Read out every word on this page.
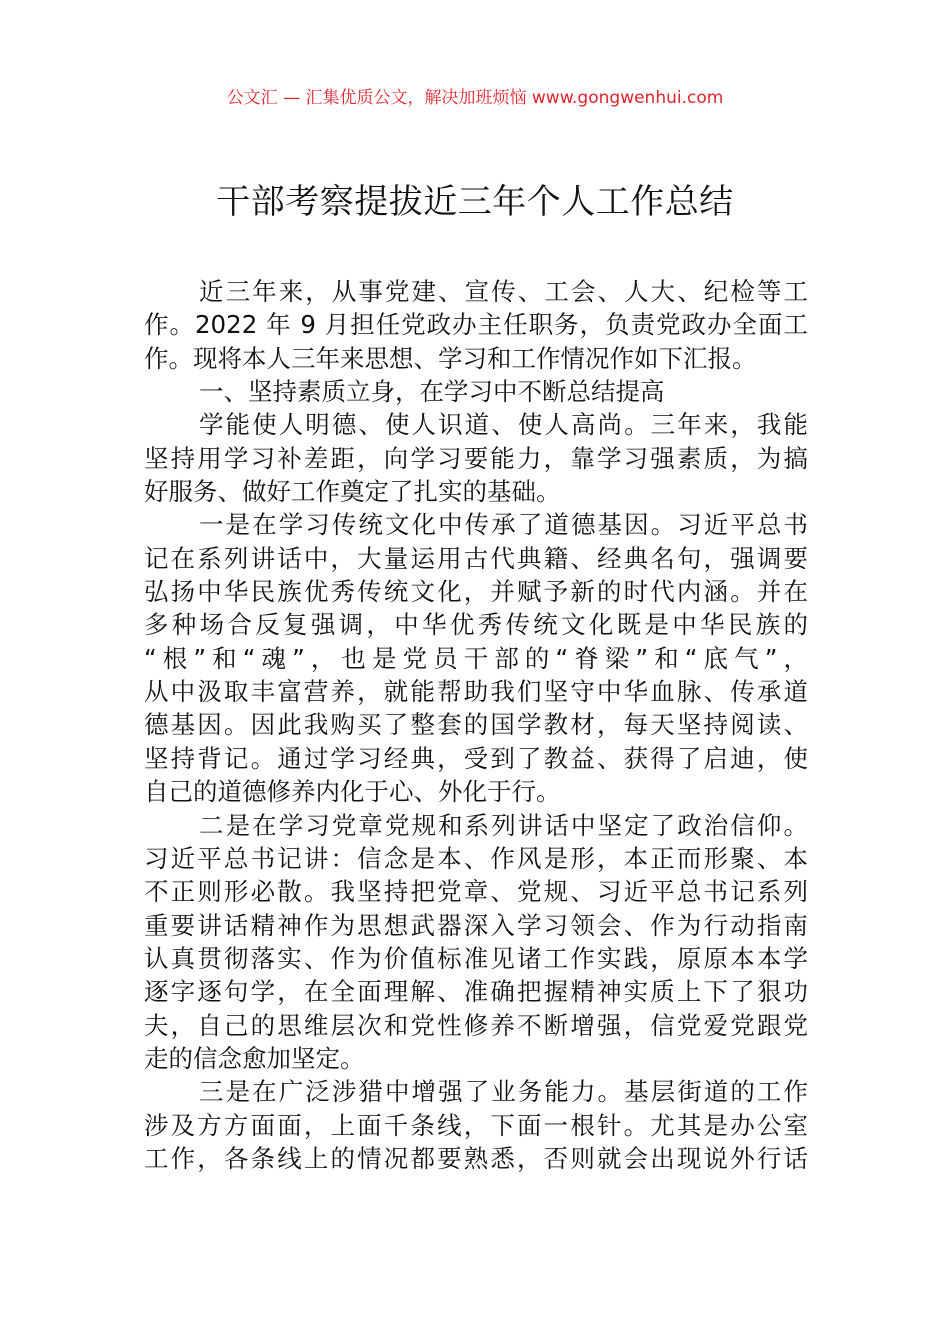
公文汇 — 汇集优质公文，解决加班烦恼 www.gongwenhui.com
干部考察提拔近三年个人工作总结
近三年来，从事党建、宣传、工会、人大、纪检等工
作。2022 年 9 月担任党政办主任职务，负责党政办全面工
作。现将本人三年来思想、学习和工作情况作如下汇报。
一、坚持素质立身，在学习中不断总结提高
学能使人明德、使人识道、使人高尚。三年来，我能
坚持用学习补差距，向学习要能力，靠学习强素质，为搞
好服务、做好工作奠定了扎实的基础。
一是在学习传统文化中传承了道德基因。习近平总书
记在系列讲话中，大量运用古代典籍、经典名句，强调要
弘扬中华民族优秀传统文化，并赋予新的时代内涵。并在
多种场合反复强调，中华优秀传统文化既是中华民族的
“根”和“魂”，也是党员干部的“脊梁”和“底气”，
从中汲取丰富营养，就能帮助我们坚守中华血脉、传承道
德基因。因此我购买了整套的国学教材，每天坚持阅读、
坚持背记。通过学习经典，受到了教益、获得了启迪，使
自己的道德修养内化于心、外化于行。
二是在学习党章党规和系列讲话中坚定了政治信仰。
习近平总书记讲：信念是本、作风是形，本正而形聚、本
不正则形必散。我坚持把党章、党规、习近平总书记系列
重要讲话精神作为思想武器深入学习领会、作为行动指南
认真贯彻落实、作为价值标准见诸工作实践，原原本本学
逐字逐句学，在全面理解、准确把握精神实质上下了狠功
夫，自己的思维层次和党性修养不断增强，信党爱党跟党
走的信念愈加坚定。
三是在广泛涉猎中增强了业务能力。基层街道的工作
涉及方方面面，上面千条线，下面一根针。尤其是办公室
工作，各条线上的情况都要熟悉，否则就会出现说外行话
